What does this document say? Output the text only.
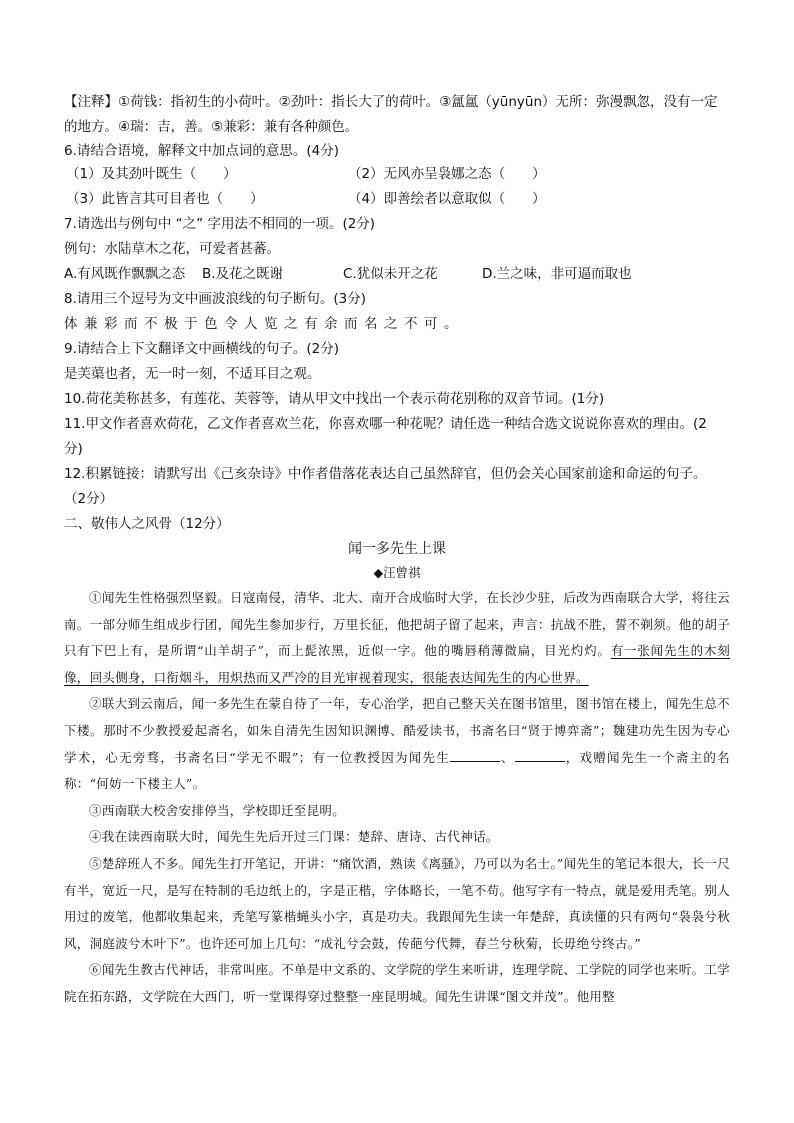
【注释】①荷钱：指初生的小荷叶。②劲叶：指长大了的荷叶。③氲氲（yūnyūn）无所：弥漫飘忽，没有一定
的地方。④瑞：吉，善。⑤兼彩：兼有各种颜色。
6.请结合语境，解释文中加点词的意思。(4分)
（1）及其劲叶既生（　　）	（2）无风亦呈袅娜之态（　　）
（3）此皆言其可目者也（　　）	（4）即善绘者以意取似（　　）
7.请选出与例句中 “之” 字用法不相同的一项。(2分)
例句：水陆草木之花，可爱者甚蕃。
A.有风既作飘飘之态 B.及花之既谢	C.犹似未开之花	D.兰之味，非可逼而取也
8.请用三个逗号为文中画波浪线的句子断句。(3分)
体兼彩而不极于色令人览之有余而名之不可。
9.请结合上下文翻译文中画横线的句子。(2分)
是芙蕖也者，无一时一刻，不适耳目之观。
10.荷花美称甚多，有莲花、芙蓉等，请从甲文中找出一个表示荷花别称的双音节词。(1分)
11.甲文作者喜欢荷花，乙文作者喜欢兰花，你喜欢哪一种花呢？请任选一种结合选文说说你喜欢的理由。(2
分)
12.积累链接：请默写出《己亥杂诗》中作者借落花表达自己虽然辞官，但仍会关心国家前途和命运的句子。
（2分）
二、敬伟人之风骨（12分）
闻一多先生上课
◆汪曾祺

①闻先生性格强烈坚毅。日寇南侵，清华、北大、南开合成临时大学，在长沙少驻，后改为西南联合大学，将往云南。一部分师生组成步行团，闻先生参加步行，万里长征，他把胡子留了起来，声言：抗战不胜，誓不剃须。他的胡子只有下巴上有，是所谓“山羊胡子”，而上髭浓黑，近似一字。他的嘴唇稍薄微扁，目光灼灼。有一张闻先生的木刻像，回头侧身，口衔烟斗，用炽热而又严冷的目光审视着现实，很能表达闻先生的内心世界。

②联大到云南后，闻一多先生在蒙自待了一年，专心治学，把自己整天关在图书馆里，图书馆在楼上，闻先生总不下楼。那时不少教授爱起斋名，如朱自清先生因知识渊博、酷爱读书，书斋名曰“贤于博弈斋”；魏建功先生因为专心学术，心无旁骛，书斋名曰“学无不暇”；有一位教授因为闻先生	、	，戏赠闻先生一个斋主的名称：“何妨一下楼主人”。

③西南联大校舍安排停当，学校即迁至昆明。

④我在读西南联大时，闻先生先后开过三门课：楚辞、唐诗、古代神话。

⑤楚辞班人不多。闻先生打开笔记，开讲：“痛饮酒，熟读《离骚》，乃可以为名士。”闻先生的笔记本很大，长一尺有半，宽近一尺，是写在特制的毛边纸上的，字是正楷，字体略长，一笔不苟。他写字有一特点，就是爱用秃笔。别人用过的废笔，他都收集起来，秃笔写篆楷蝇头小字，真是功夫。我跟闻先生读一年楚辞，真读懂的只有两句“袅袅兮秋风，洞庭波兮木叶下”。也许还可加上几句：“成礼兮会鼓，传葩兮代舞，春兰兮秋菊，长毋绝兮终古。”

⑥闻先生教古代神话，非常叫座。不单是中文系的、文学院的学生来听讲，连理学院、工学院的同学也来听。工学院在拓东路，文学院在大西门，听一堂课得穿过整整一座昆明城。闻先生讲课“图文并茂”。他用整
